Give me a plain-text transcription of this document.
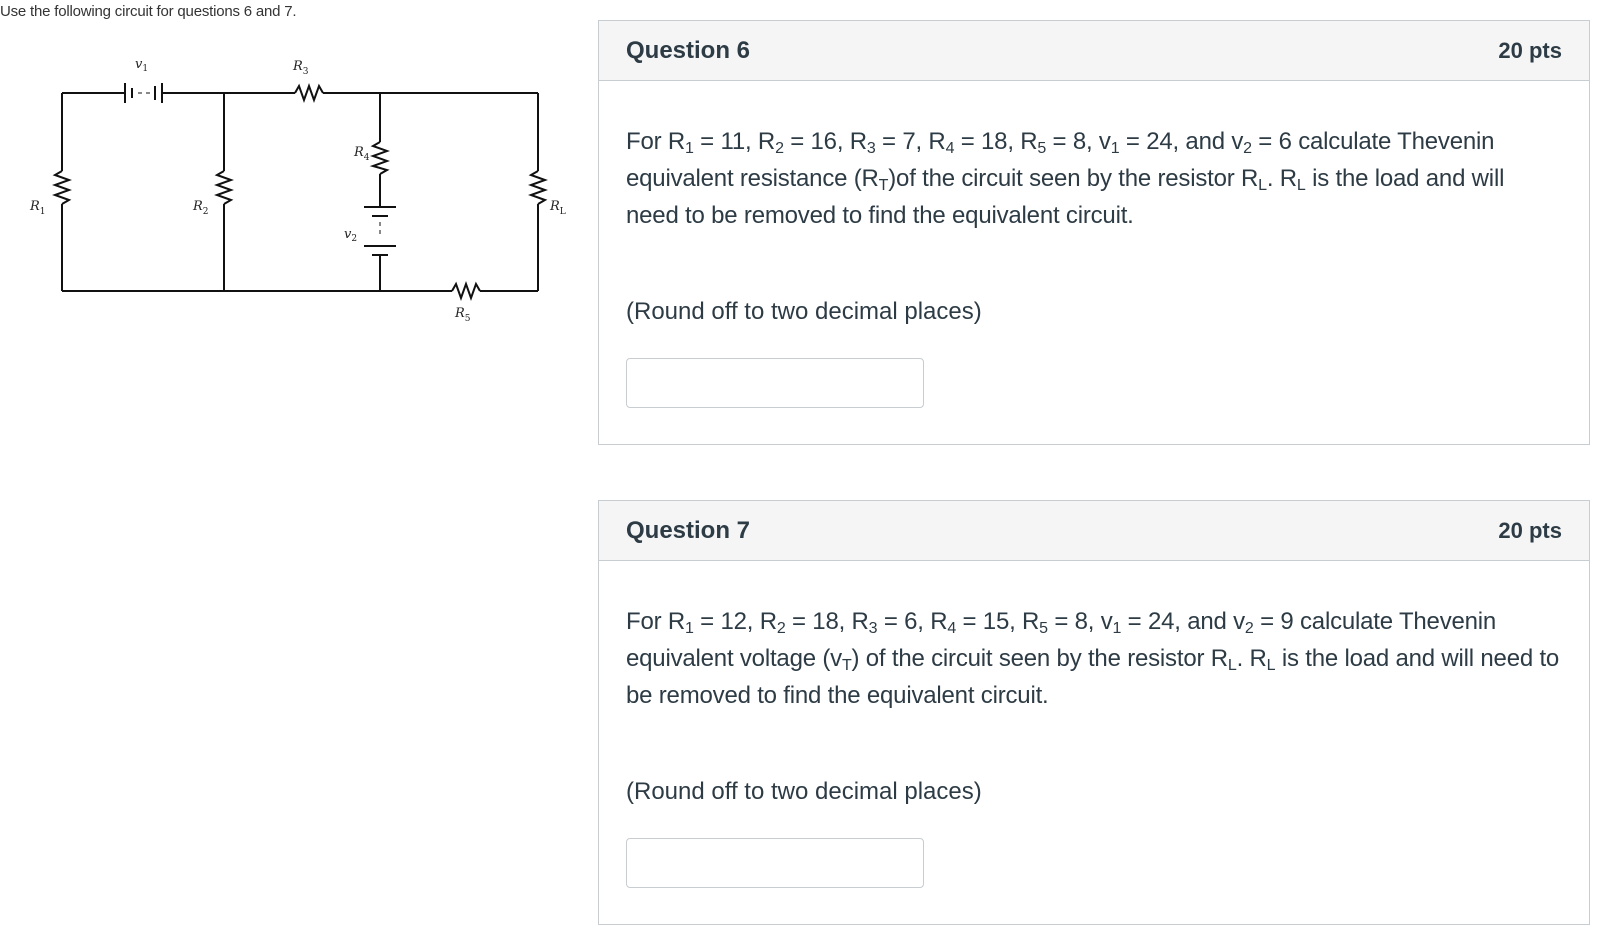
Use the following circuit for questions 6 and 7.
$v_1$	$R_3$
$R_4$
$R_1$	$R_2$
$v_2$
$R_L$
$R_5$
Question 6	20 pts

For $R_1 = 11$, $R_2 = 16$, $R_3 = 7$, $R_4 = 18$, $R_5 = 8$, $v_1 = 24$, and $v_2 = 6$ calculate Thevenin equivalent resistance $(R_T)of$ the circuit seen by the resistor $R_L$. $R_L$ is the load and will need to be removed to find the equivalent circuit.

(Round off to two decimal places)

Question 7	20 pts

For $R_1 = 12$, $R_2 = 18$, $R_3 = 6$, $R_4 = 15$, $R_5 = 8$, $v_1 = 24$, and $v_2 = 9$ calculate Thevenin equivalent voltage $(v_T)$ of the circuit seen by the resistor $R_L$. $R_L$ is the load and will need to be removed to find the equivalent circuit.

(Round off to two decimal places)
